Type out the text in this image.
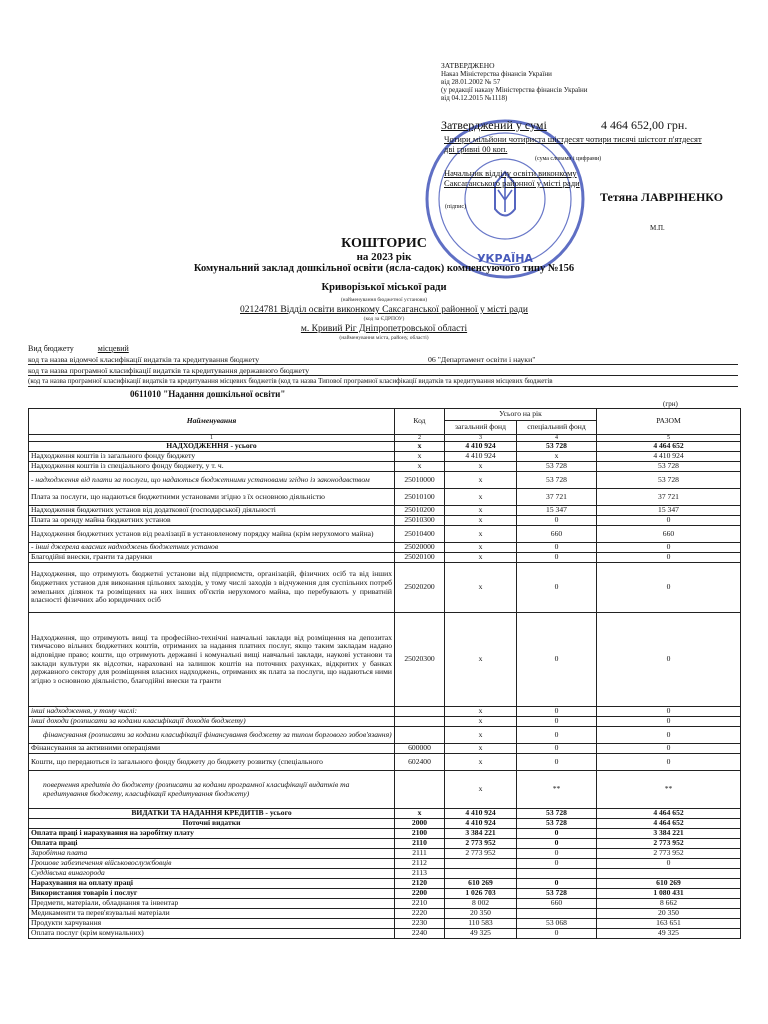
ЗАТВЕРДЖЕНО
Наказ Міністерства фінансів України
від 28.01.2002 № 57
(у редакції наказу Міністерства фінансів України
від 04.12.2015 №1118)
УКРАЇНА
Затверджений у сумі	4 464 652,00 грн.
Чотири мільйони чотириста шістдесят чотири тисячі шістсот п'ятдесят дві гривні 00 коп.
(сума словами і цифрами)
Начальник відділу освіти виконкому Саксаганського районної у місті ради
(підпис)
Тетяна ЛАВРІНЕНКО
М.П.
КОШТОРИС
на 2023 рік
Комунальний заклад дошкільної освіти (ясла-садок) компенсуючого типу №156
Криворізької міської ради
(найменування бюджетної установи)
02124781 Відділ освіти виконкому Саксаганської районної у місті ради
(код за ЄДРПОУ)
м. Кривий Ріг Дніпропетровської області
(найменування міста, району, області)
Вид бюджету	місцевий
код та назва відомчої класифікації видатків та кредитування бюджету	06 "Департамент освіти і науки"
код та назва програмної класифікації видатків та кредитування державного бюджету
(код та назва програмної класифікації видатків та кредитування місцевих бюджетів (код та назва Типової програмної класифікації видатків та кредитування місцевих бюджетів
0611010 "Надання дошкільної освіти"
(грн)
Найменування	Код	Усього на рік		РАЗОМ
		загальний фонд	спеціальний фонд	
1	2	3	4	5
НАДХОДЖЕННЯ - усього	х	4 410 924	53 728	4 464 652
Надходження коштів із загального фонду бюджету	х	4 410 924	х	4 410 924
Надходження коштів із спеціального фонду бюджету, у т. ч.	х	х	53 728	53 728
- надходження від плати за послуги, що надаються бюджетними установами згідно із законодавством	25010000	х	53 728	53 728
Плата за послуги, що надаються бюджетними установами згідно з їх основною діяльністю	25010100	х	37 721	37 721
Надходження бюджетних установ від додаткової (господарської) діяльності	25010200	х	15 347	15 347
Плата за оренду майна бюджетних установ	25010300	х	0	0
Надходження бюджетних установ від реалізації в установленому порядку майна (крім нерухомого майна)	25010400	х	660	660
- інші джерела власних надходжень бюджетних установ	25020000	х	0	0
Благодійні внески, гранти та дарунки	25020100	х	0	0
Надходження, що отримують бюджетні установи від підприємств, організацій, фізичних осіб та від інших бюджетних установ для виконання цільових заходів, у тому числі заходів з відчуження для суспільних потреб земельних ділянок та розміщених на них інших об'єктів нерухомого майна, що перебувають у приватній власності фізичних або юридичних осіб	25020200	х	0	0
Надходження, що отримують вищі та професійно-технічні навчальні заклади від розміщення на депозитах тимчасово вільних бюджетних коштів, отриманих за надання платних послуг, якщо таким закладам надано відповідне право; кошти, що отримують державні і комунальні вищі навчальні заклади, наукові установи та заклади культури як відсотки, нараховані на залишок коштів на поточних рахунках, відкритих у банках державного сектору для розміщення власних надходжень, отриманих як плата за послуги, що надаються ними згідно з основною діяльністю, благодійні внески та гранти	25020300	х	0	0
інші надходження, у тому числі:		х	0	0
інші доходи (розписати за кодами класифікації доходів бюджету)		х	0	0
фінансування (розписати за кодами класифікації фінансування бюджету за типом боргового зобов'язання)		х	0	0
Фінансування за активними операціями	600000	х	0	0
Кошти, що передаються із загального фонду бюджету до бюджету розвитку (спеціального	602400	х	0	0
повернення кредитів до бюджету (розписати за кодами програмної класифікації видатків та кредитування бюджету, класифікації кредитування бюджету)		х	**	**
ВИДАТКИ ТА НАДАННЯ КРЕДИТІВ - усього	х	4 410 924	53 728	4 464 652
Поточні видатки	2000	4 410 924	53 728	4 464 652
Оплата праці і нарахування на заробітну плату	2100	3 384 221	0	3 384 221
Оплата праці	2110	2 773 952	0	2 773 952
Заробітна плата	2111	2 773 952	0	2 773 952
Грошове забезпечення військовослужбовців	2112		0	0
Суддівська винагорода	2113			
Нарахування на оплату праці	2120	610 269	0	610 269
Використання товарів і послуг	2200	1 026 703	53 728	1 080 431
Предмети, матеріали, обладнання та інвентар	2210	8 002	660	8 662
Медикаменти та перев'язувальні матеріали	2220	20 350		20 350
Продукти харчування	2230	110 583	53 068	163 651
Оплата послуг (крім комунальних)	2240	49 325	0	49 325
